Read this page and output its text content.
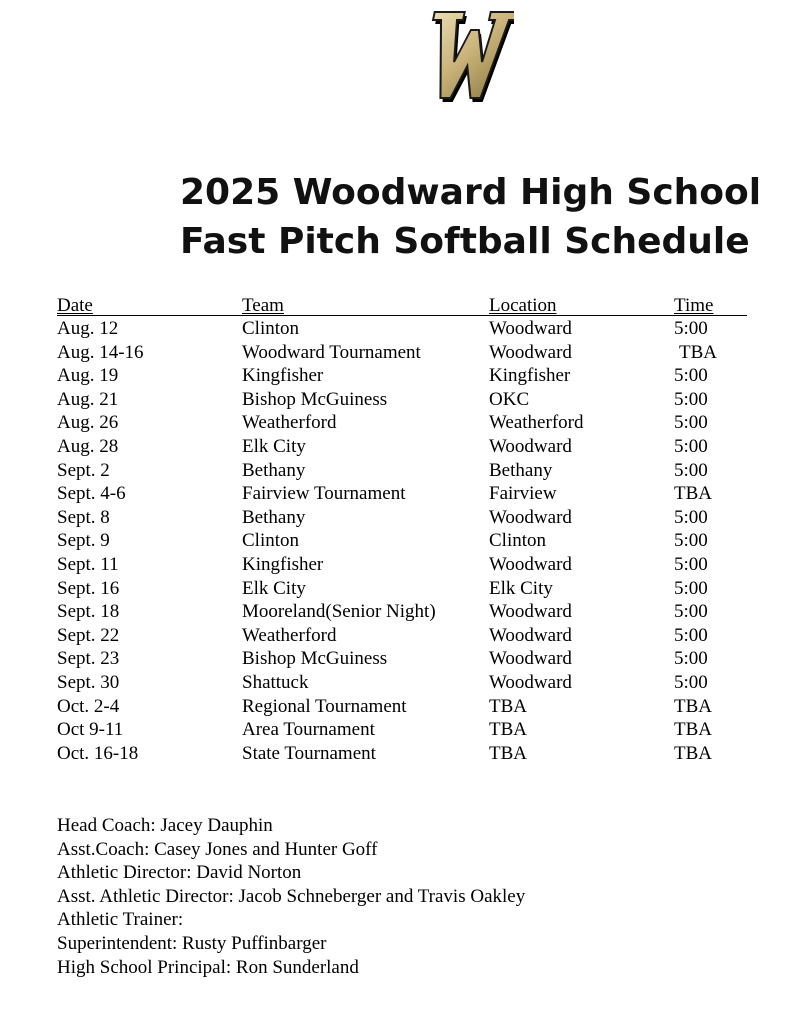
2025 Woodward High School
Fast Pitch Softball Schedule
Date	Team	Location	Time
Aug. 12	Clinton	Woodward	5:00
Aug. 14-16	Woodward Tournament	Woodward	TBA
Aug. 19	Kingfisher	Kingfisher	5:00
Aug. 21	Bishop McGuiness	OKC	5:00
Aug. 26	Weatherford	Weatherford	5:00
Aug. 28	Elk City	Woodward	5:00
Sept. 2	Bethany	Bethany	5:00
Sept. 4-6	Fairview Tournament	Fairview	TBA
Sept. 8	Bethany	Woodward	5:00
Sept. 9	Clinton	Clinton	5:00
Sept. 11	Kingfisher	Woodward	5:00
Sept. 16	Elk City	Elk City	5:00
Sept. 18	Mooreland(Senior Night)	Woodward	5:00
Sept. 22	Weatherford	Woodward	5:00
Sept. 23	Bishop McGuiness	Woodward	5:00
Sept. 30	Shattuck	Woodward	5:00
Oct. 2-4	Regional Tournament	TBA	TBA
Oct 9-11	Area Tournament	TBA	TBA
Oct. 16-18	State Tournament	TBA	TBA
Head Coach: Jacey Dauphin
Asst.Coach: Casey Jones and Hunter Goff
Athletic Director: David Norton
Asst. Athletic Director: Jacob Schneberger and Travis Oakley
Athletic Trainer:
Superintendent: Rusty Puffinbarger
High School Principal: Ron Sunderland
